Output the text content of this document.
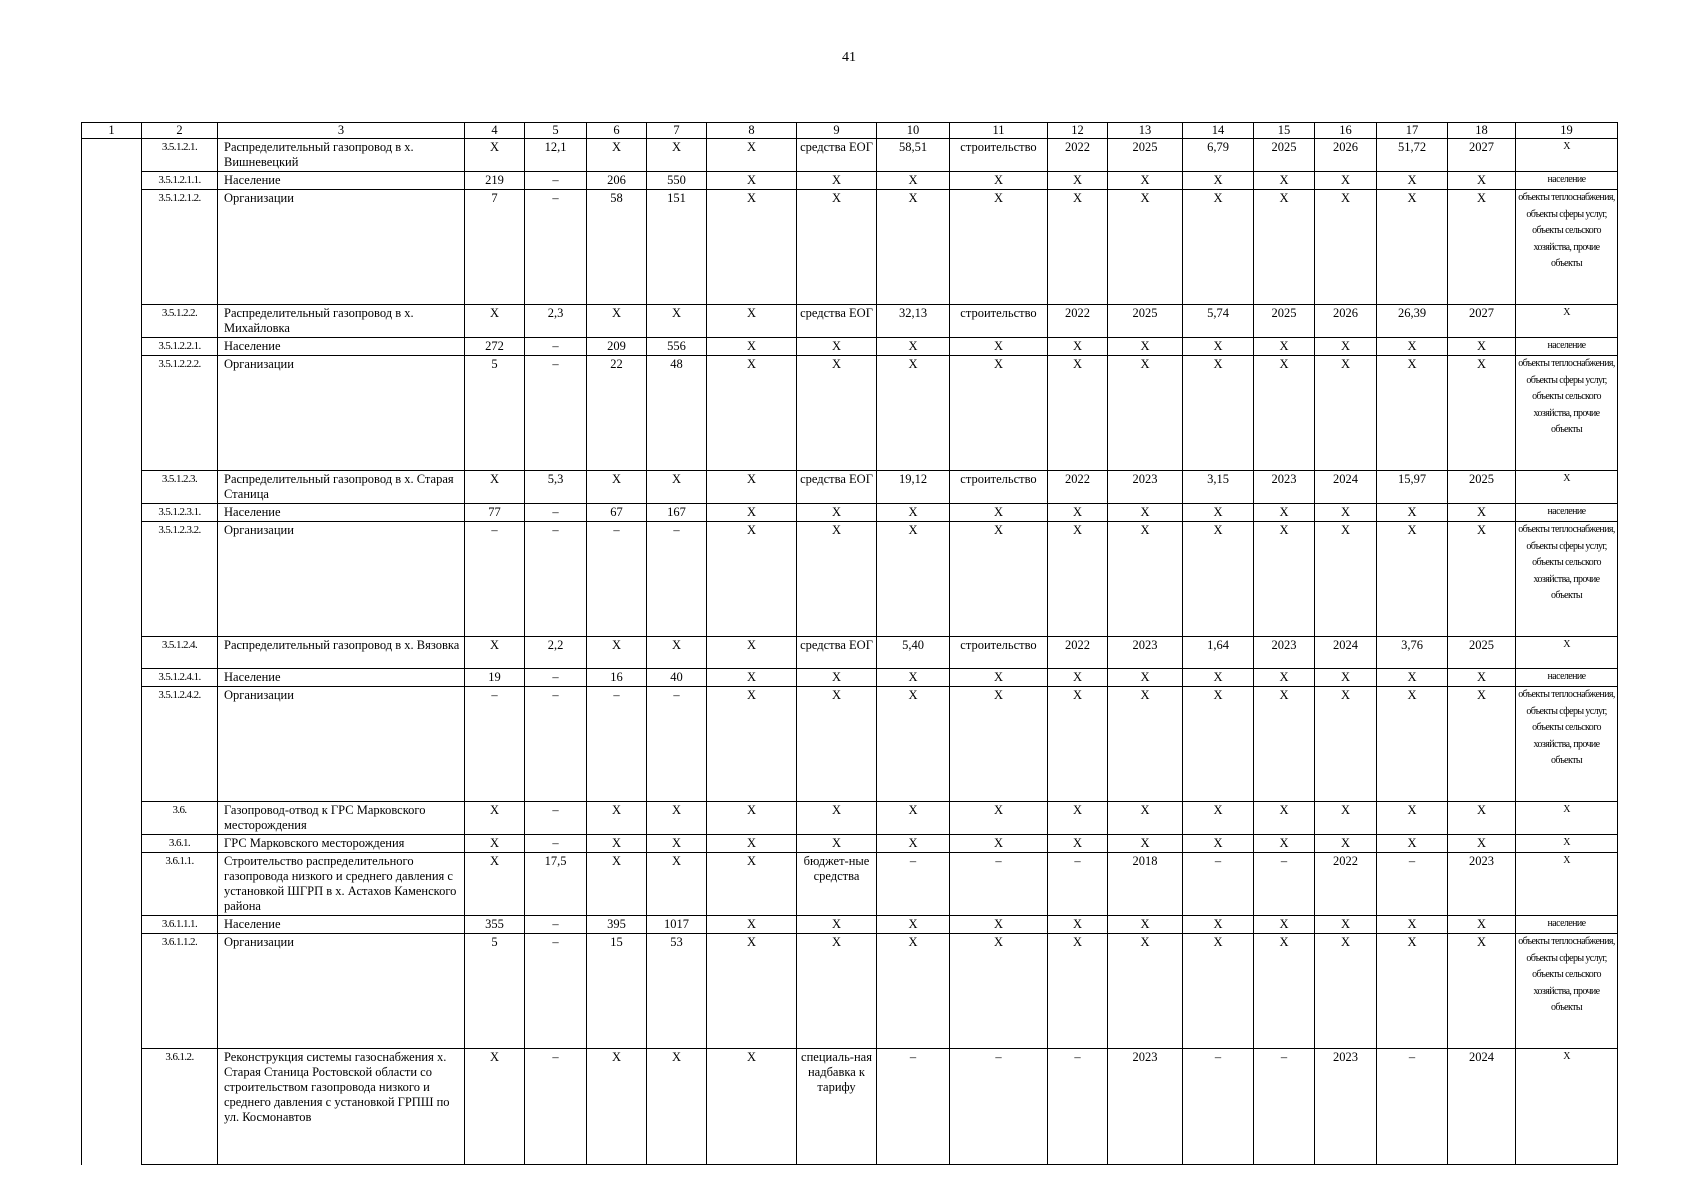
41
1	2	3	4	5	6	7	8	9	10	11	12	13	14	15	16	17	18	19
	3.5.1.2.1.	Распределительный газопровод в х. Вишневецкий	Х	12,1	Х	Х	Х	средства ЕОГ	58,51	строительство	2022	2025	6,79	2025	2026	51,72	2027	Х
	3.5.1.2.1.1.	Население	219	–	206	550	Х	Х	Х	Х	Х	Х	Х	Х	Х	Х	Х	население
	3.5.1.2.1.2.	Организации	7	–	58	151	Х	Х	Х	Х	Х	Х	Х	Х	Х	Х	Х	объекты теплоснабжения, объекты сферы услуг, объекты сельского хозяйства, прочие объекты
	3.5.1.2.2.	Распределительный газопровод в х. Михайловка	Х	2,3	Х	Х	Х	средства ЕОГ	32,13	строительство	2022	2025	5,74	2025	2026	26,39	2027	Х
	3.5.1.2.2.1.	Население	272	–	209	556	Х	Х	Х	Х	Х	Х	Х	Х	Х	Х	Х	население
	3.5.1.2.2.2.	Организации	5	–	22	48	Х	Х	Х	Х	Х	Х	Х	Х	Х	Х	Х	объекты теплоснабжения, объекты сферы услуг, объекты сельского хозяйства, прочие объекты
	3.5.1.2.3.	Распределительный газопровод в х. Старая Станица	Х	5,3	Х	Х	Х	средства ЕОГ	19,12	строительство	2022	2023	3,15	2023	2024	15,97	2025	Х
	3.5.1.2.3.1.	Население	77	–	67	167	Х	Х	Х	Х	Х	Х	Х	Х	Х	Х	Х	население
	3.5.1.2.3.2.	Организации	–	–	–	–	Х	Х	Х	Х	Х	Х	Х	Х	Х	Х	Х	объекты теплоснабжения, объекты сферы услуг, объекты сельского хозяйства, прочие объекты
	3.5.1.2.4.	Распределительный газопровод в х. Вязовка	Х	2,2	Х	Х	Х	средства ЕОГ	5,40	строительство	2022	2023	1,64	2023	2024	3,76	2025	Х
	3.5.1.2.4.1.	Население	19	–	16	40	Х	Х	Х	Х	Х	Х	Х	Х	Х	Х	Х	население
	3.5.1.2.4.2.	Организации	–	–	–	–	Х	Х	Х	Х	Х	Х	Х	Х	Х	Х	Х	объекты теплоснабжения, объекты сферы услуг, объекты сельского хозяйства, прочие объекты
	3.6.	Газопровод-отвод к ГРС Марковского месторождения	Х	–	Х	Х	Х	Х	Х	Х	Х	Х	Х	Х	Х	Х	Х	Х
	3.6.1.	ГРС Марковского месторождения	Х	–	Х	Х	Х	Х	Х	Х	Х	Х	Х	Х	Х	Х	Х	Х
	3.6.1.1.	Строительство распределительного газопровода низкого и среднего давления с установкой ШГРП в х. Астахов Каменского района	Х	17,5	Х	Х	Х	бюджет-ные средства	–	–	–	2018	–	–	2022	–	2023	Х
	3.6.1.1.1.	Население	355	–	395	1017	Х	Х	Х	Х	Х	Х	Х	Х	Х	Х	Х	население
	3.6.1.1.2.	Организации	5	–	15	53	Х	Х	Х	Х	Х	Х	Х	Х	Х	Х	Х	объекты теплоснабжения, объекты сферы услуг, объекты сельского хозяйства, прочие объекты
	3.6.1.2.	Реконструкция системы газоснабжения х. Старая Станица Ростовской области со строительством газопровода низкого и среднего давления с установкой ГРПШ по ул. Космонавтов	Х	–	Х	Х	Х	специаль-ная надбавка к тарифу	–	–	–	2023	–	–	2023	–	2024	Х
